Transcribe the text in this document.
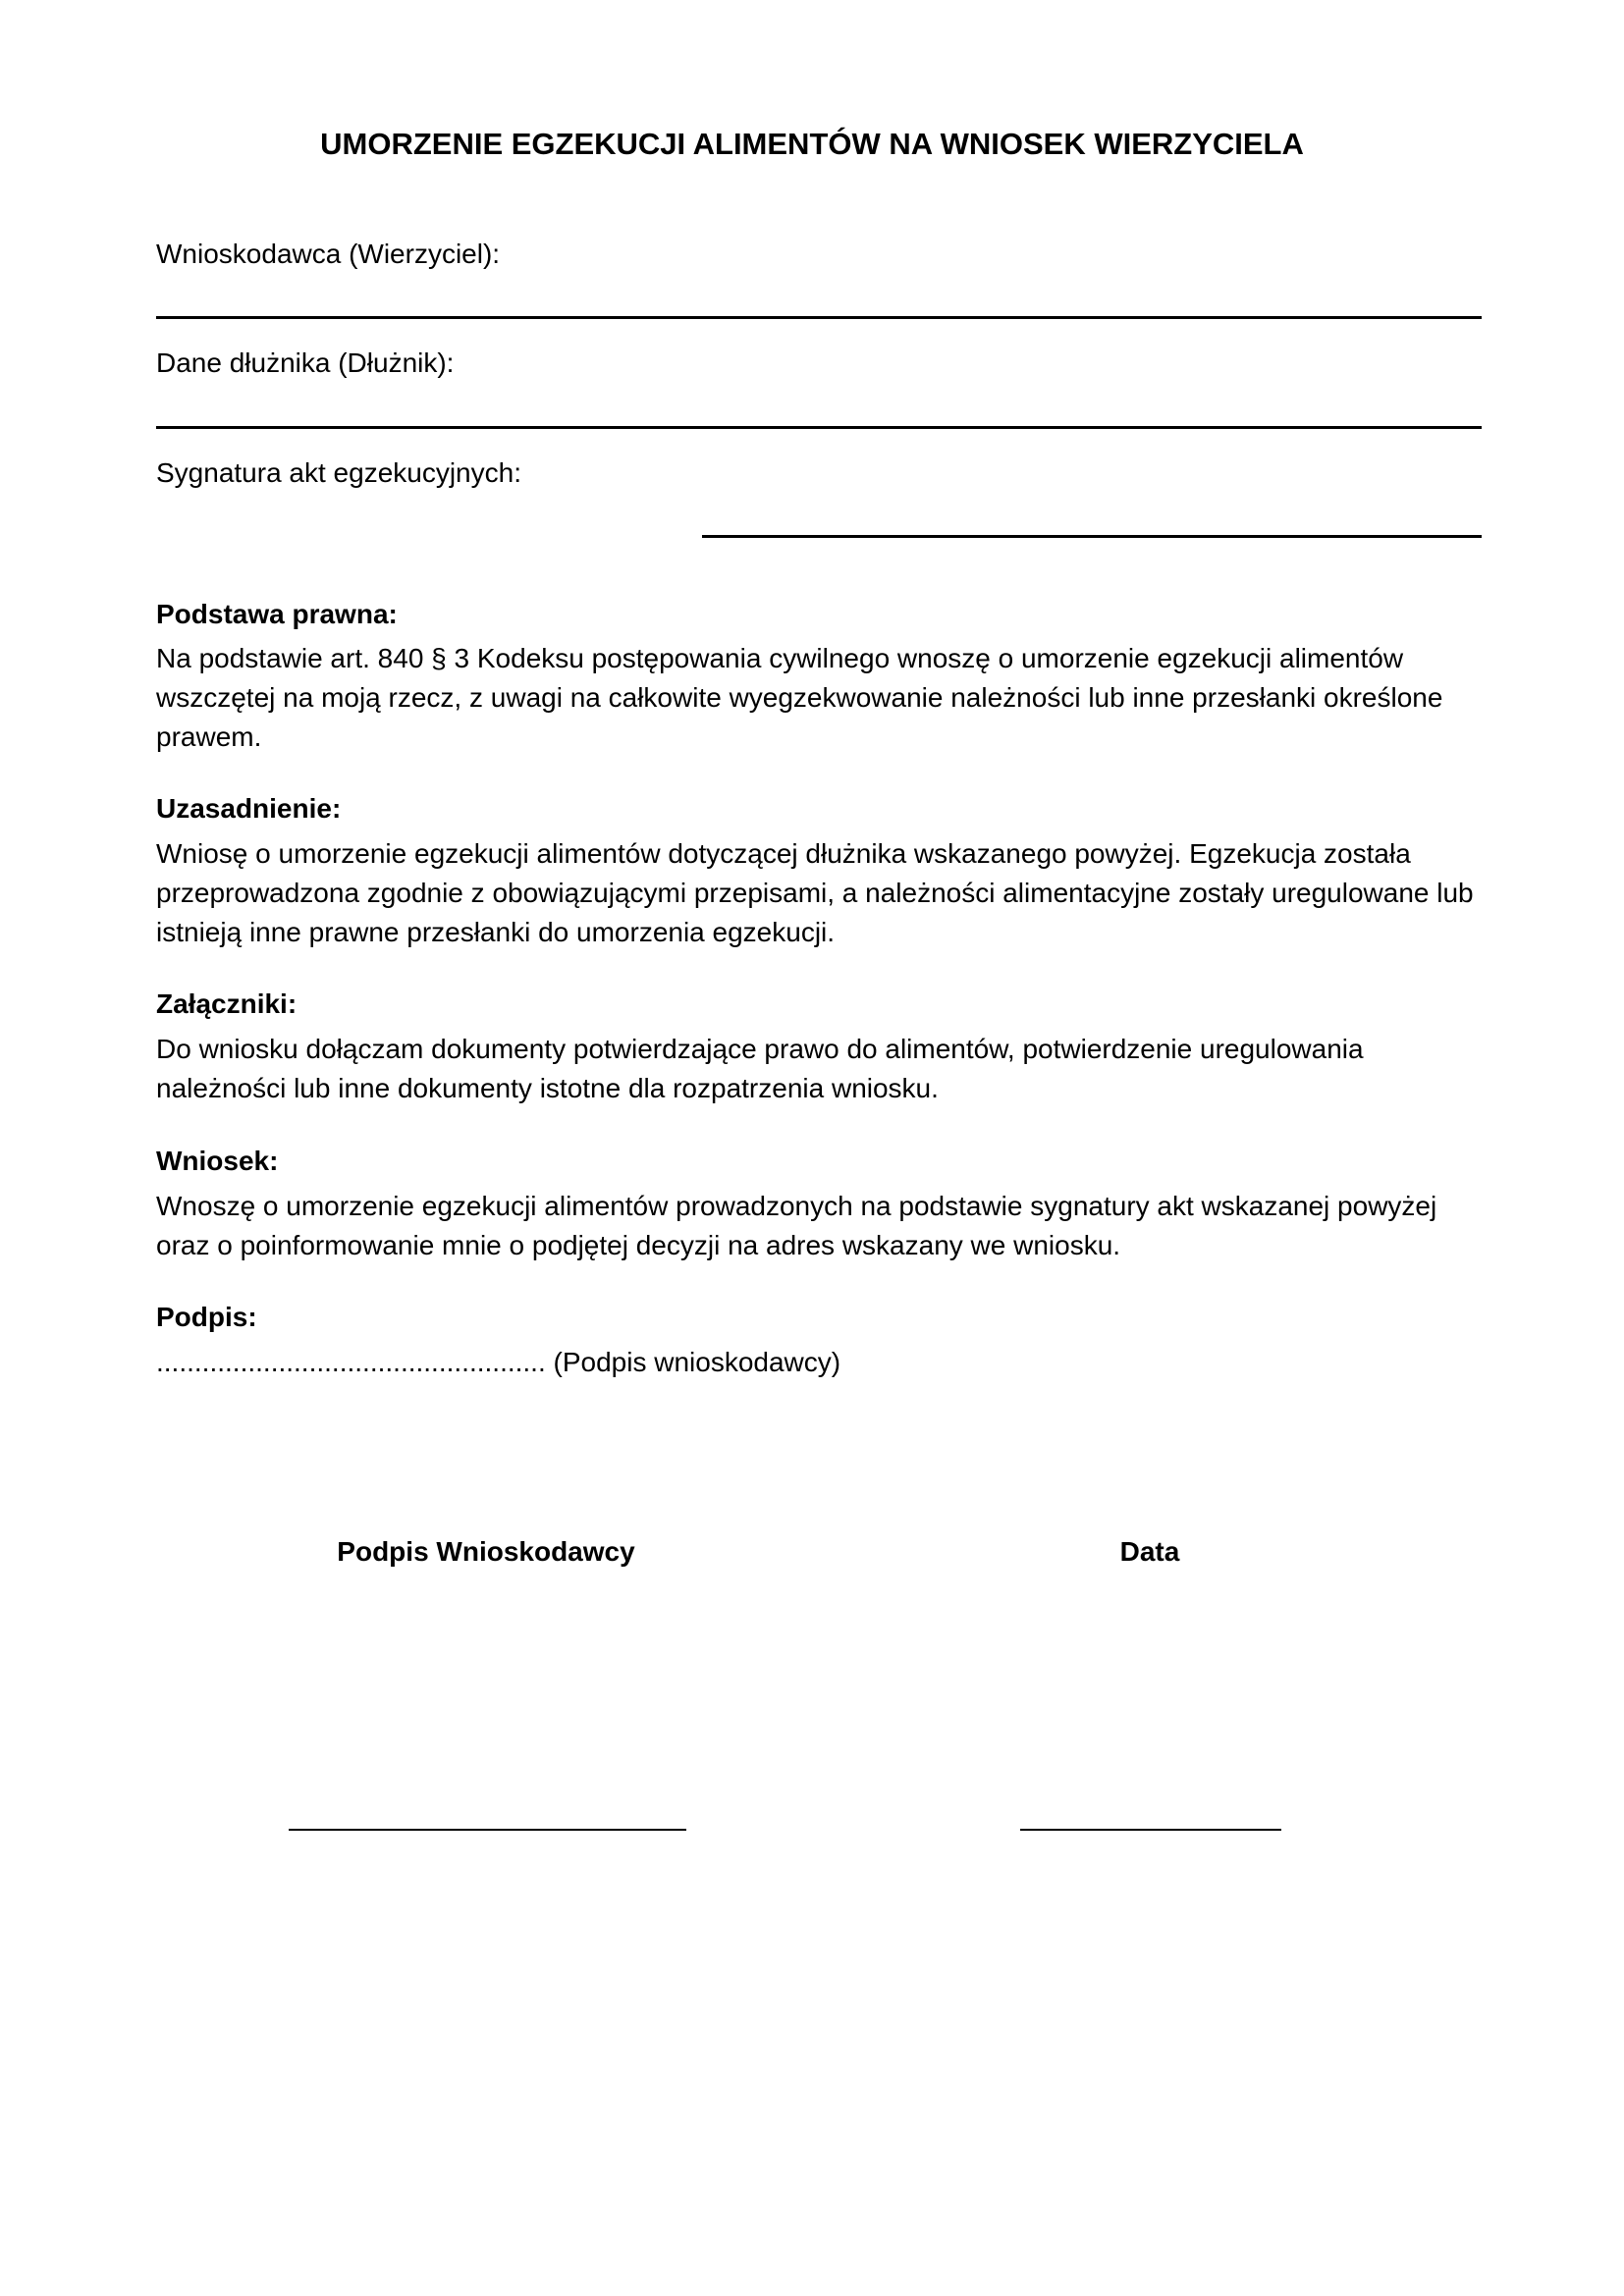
UMORZENIE EGZEKUCJI ALIMENTÓW NA WNIOSEK WIERZYCIELA

Wnioskodawca (Wierzyciel):

Dane dłużnika (Dłużnik):

Sygnatura akt egzekucyjnych:

Podstawa prawna:

Na podstawie art. 840 § 3 Kodeksu postępowania cywilnego wnoszę o umorzenie egzekucji alimentów wszczętej na moją rzecz, z uwagi na całkowite wyegzekwowanie należności lub inne przesłanki określone prawem.

Uzasadnienie:

Wniosę o umorzenie egzekucji alimentów dotyczącej dłużnika wskazanego powyżej. Egzekucja została przeprowadzona zgodnie z obowiązującymi przepisami, a należności alimentacyjne zostały uregulowane lub istnieją inne prawne przesłanki do umorzenia egzekucji.

Załączniki:

Do wniosku dołączam dokumenty potwierdzające prawo do alimentów, potwierdzenie uregulowania należności lub inne dokumenty istotne dla rozpatrzenia wniosku.

Wniosek:

Wnoszę o umorzenie egzekucji alimentów prowadzonych na podstawie sygnatury akt wskazanej powyżej oraz o poinformowanie mnie o podjętej decyzji na adres wskazany we wniosku.

Podpis:

................................................... (Podpis wnioskodawcy)

Podpis Wnioskodawcy	Data
